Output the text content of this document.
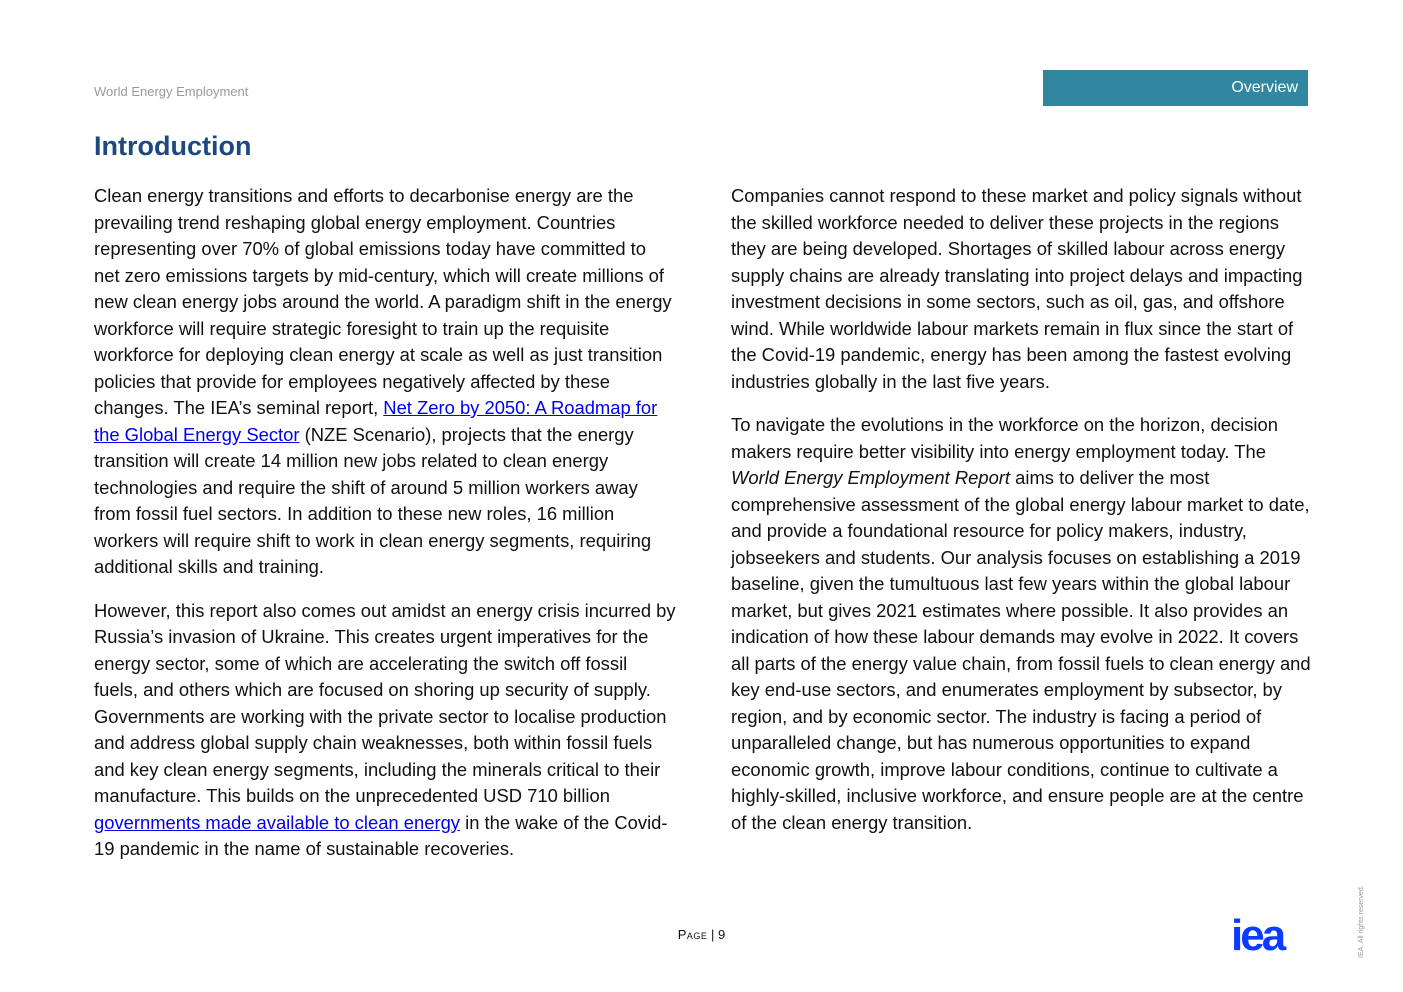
World Energy Employment	Overview
Introduction

Clean energy transitions and efforts to decarbonise energy are the prevailing trend reshaping global energy employment. Countries representing over 70% of global emissions today have committed to net zero emissions targets by mid-century, which will create millions of new clean energy jobs around the world. A paradigm shift in the energy workforce will require strategic foresight to train up the requisite workforce for deploying clean energy at scale as well as just transition policies that provide for employees negatively affected by these changes. The IEA’s seminal report, Net Zero by 2050: A Roadmap for the Global Energy Sector (NZE Scenario), projects that the energy transition will create 14 million new jobs related to clean energy technologies and require the shift of around 5 million workers away from fossil fuel sectors. In addition to these new roles, 16 million workers will require shift to work in clean energy segments, requiring additional skills and training.

However, this report also comes out amidst an energy crisis incurred by Russia’s invasion of Ukraine. This creates urgent imperatives for the energy sector, some of which are accelerating the switch off fossil fuels, and others which are focused on shoring up security of supply. Governments are working with the private sector to localise production and address global supply chain weaknesses, both within fossil fuels and key clean energy segments, including the minerals critical to their manufacture. This builds on the unprecedented USD 710 billion governments made available to clean energy in the wake of the Covid-19 pandemic in the name of sustainable recoveries.

Companies cannot respond to these market and policy signals without the skilled workforce needed to deliver these projects in the regions they are being developed. Shortages of skilled labour across energy supply chains are already translating into project delays and impacting investment decisions in some sectors, such as oil, gas, and offshore wind. While worldwide labour markets remain in flux since the start of the Covid-19 pandemic, energy has been among the fastest evolving industries globally in the last five years.

To navigate the evolutions in the workforce on the horizon, decision makers require better visibility into energy employment today. The World Energy Employment Report aims to deliver the most comprehensive assessment of the global energy labour market to date, and provide a foundational resource for policy makers, industry, jobseekers and students. Our analysis focuses on establishing a 2019 baseline, given the tumultuous last few years within the global labour market, but gives 2021 estimates where possible. It also provides an indication of how these labour demands may evolve in 2022. It covers all parts of the energy value chain, from fossil fuels to clean energy and key end-use sectors, and enumerates employment by subsector, by region, and by economic sector. The industry is facing a period of unparalleled change, but has numerous opportunities to expand economic growth, improve labour conditions, continue to cultivate a highly-skilled, inclusive workforce, and ensure people are at the centre of the clean energy transition.

Page | 9	iea	IEA. All rights reserved.
